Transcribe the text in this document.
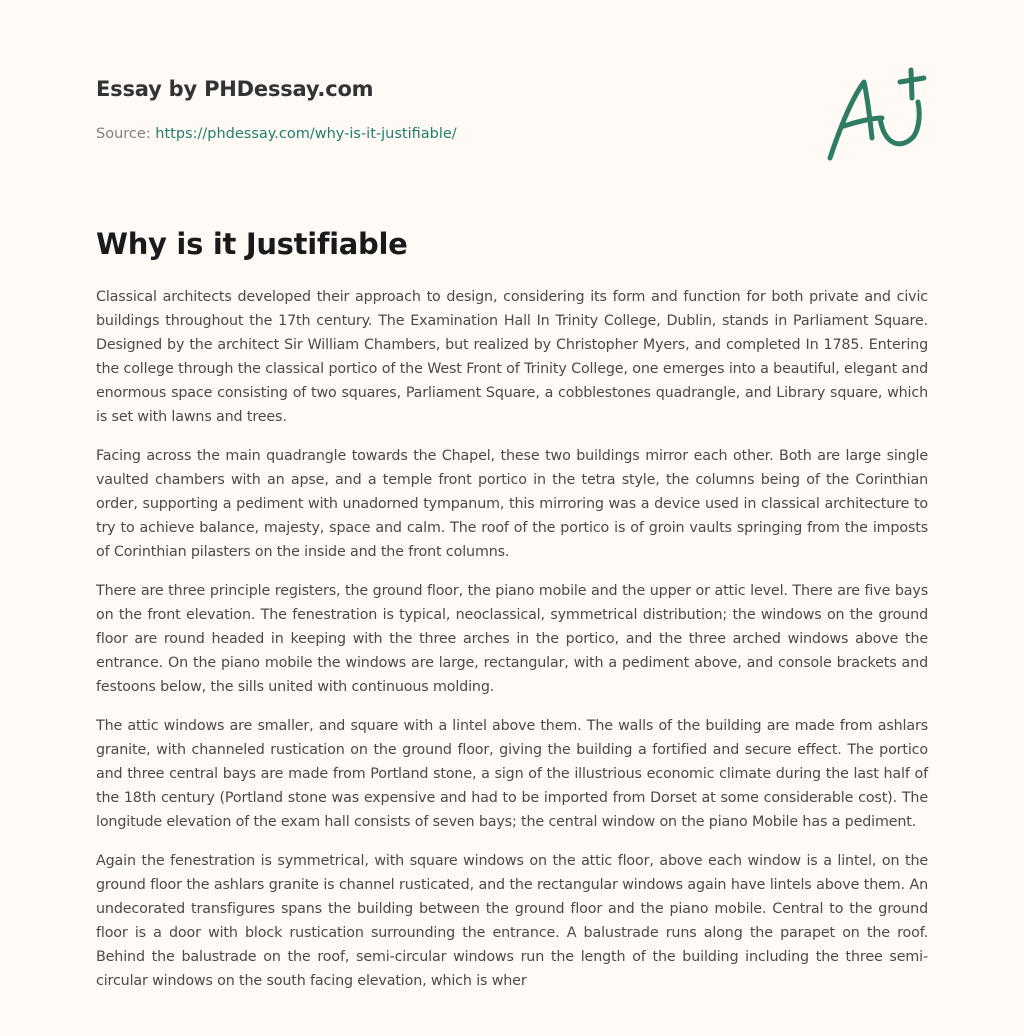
Essay by PHDessay.com
Source: https://phdessay.com/why-is-it-justifiable/
Why is it Justifiable

Classical architects developed their approach to design, considering its form and function for both private and civic buildings throughout the 17th century. The Examination Hall In Trinity College, Dublin, stands in Parliament Square. Designed by the architect Sir William Chambers, but realized by Christopher Myers, and completed In 1785. Entering the college through the classical portico of the West Front of Trinity College, one emerges into a beautiful, elegant and enormous space consisting of two squares, Parliament Square, a cobblestones quadrangle, and Library square, which is set with lawns and trees.

Facing across the main quadrangle towards the Chapel, these two buildings mirror each other. Both are large single vaulted chambers with an apse, and a temple front portico in the tetra style, the columns being of the Corinthian order, supporting a pediment with unadorned tympanum, this mirroring was a device used in classical architecture to try to achieve balance, majesty, space and calm. The roof of the portico is of groin vaults springing from the imposts of Corinthian pilasters on the inside and the front columns.

There are three principle registers, the ground floor, the piano mobile and the upper or attic level. There are five bays on the front elevation. The fenestration is typical, neoclassical, symmetrical distribution; the windows on the ground floor are round headed in keeping with the three arches in the portico, and the three arched windows above the entrance. On the piano mobile the windows are large, rectangular, with a pediment above, and console brackets and festoons below, the sills united with continuous molding.

The attic windows are smaller, and square with a lintel above them. The walls of the building are made from ashlars granite, with channeled rustication on the ground floor, giving the building a fortified and secure effect. The portico and three central bays are made from Portland stone, a sign of the illustrious economic climate during the last half of the 18th century (Portland stone was expensive and had to be imported from Dorset at some considerable cost). The longitude elevation of the exam hall consists of seven bays; the central window on the piano Mobile has a pediment.

Again the fenestration is symmetrical, with square windows on the attic floor, above each window is a lintel, on the ground floor the ashlars granite is channel rusticated, and the rectangular windows again have lintels above them. An undecorated transfigures spans the building between the ground floor and the piano mobile. Central to the ground floor is a door with block rustication surrounding the entrance. A balustrade runs along the parapet on the roof. Behind the balustrade on the roof, semi-circular windows run the length of the building including the three semi-circular windows on the south facing elevation, which is wher
